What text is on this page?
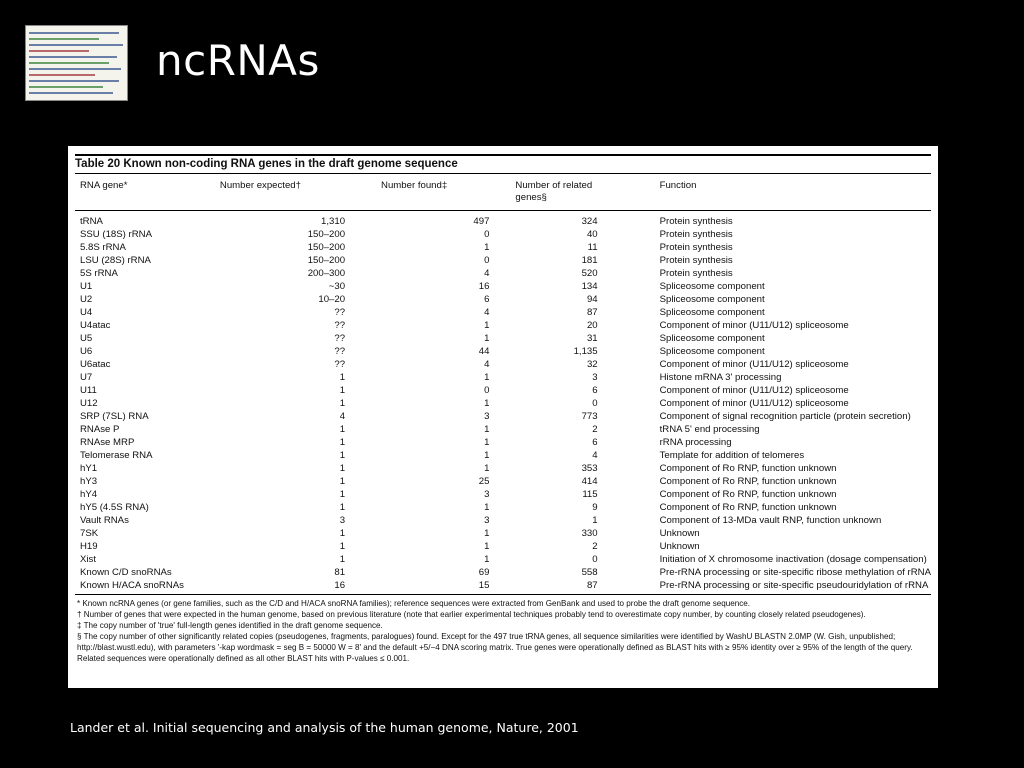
ncRNAs
Table 20 Known non-coding RNA genes in the draft genome sequence
RNA gene*	Number expected†	Number found‡	Number of related genes§	Function
tRNA	1,310	497	324	Protein synthesis
SSU (18S) rRNA	150–200	0	40	Protein synthesis
5.8S rRNA	150–200	1	11	Protein synthesis
LSU (28S) rRNA	150–200	0	181	Protein synthesis
5S rRNA	200–300	4	520	Protein synthesis
U1	~30	16	134	Spliceosome component
U2	10–20	6	94	Spliceosome component
U4	??	4	87	Spliceosome component
U4atac	??	1	20	Component of minor (U11/U12) spliceosome
U5	??	1	31	Spliceosome component
U6	??	44	1,135	Spliceosome component
U6atac	??	4	32	Component of minor (U11/U12) spliceosome
U7	1	1	3	Histone mRNA 3' processing
U11	1	0	6	Component of minor (U11/U12) spliceosome
U12	1	1	0	Component of minor (U11/U12) spliceosome
SRP (7SL) RNA	4	3	773	Component of signal recognition particle (protein secretion)
RNAse P	1	1	2	tRNA 5' end processing
RNAse MRP	1	1	6	rRNA processing
Telomerase RNA	1	1	4	Template for addition of telomeres
hY1	1	1	353	Component of Ro RNP, function unknown
hY3	1	25	414	Component of Ro RNP, function unknown
hY4	1	3	115	Component of Ro RNP, function unknown
hY5 (4.5S RNA)	1	1	9	Component of Ro RNP, function unknown
Vault RNAs	3	3	1	Component of 13-MDa vault RNP, function unknown
7SK	1	1	330	Unknown
H19	1	1	2	Unknown
Xist	1	1	0	Initiation of X chromosome inactivation (dosage compensation)
Known C/D snoRNAs	81	69	558	Pre-rRNA processing or site-specific ribose methylation of rRNA
Known H/ACA snoRNAs	16	15	87	Pre-rRNA processing or site-specific pseudouridylation of rRNA

* Known ncRNA genes (or gene families, such as the C/D and H/ACA snoRNA families); reference sequences were extracted from GenBank and used to probe the draft genome sequence.

† Number of genes that were expected in the human genome, based on previous literature (note that earlier experimental techniques probably tend to overestimate copy number, by counting closely related pseudogenes).

‡ The copy number of 'true' full-length genes identified in the draft genome sequence.

§ The copy number of other significantly related copies (pseudogenes, fragments, paralogues) found. Except for the 497 true tRNA genes, all sequence similarities were identified by WashU BLASTN 2.0MP (W. Gish, unpublished; http://blast.wustl.edu), with parameters '-kap wordmask = seg B = 50000 W = 8' and the default +5/−4 DNA scoring matrix. True genes were operationally defined as BLAST hits with ≥ 95% identity over ≥ 95% of the length of the query. Related sequences were operationally defined as all other BLAST hits with P-values ≤ 0.001.

Lander et al. Initial sequencing and analysis of the human genome, Nature, 2001
